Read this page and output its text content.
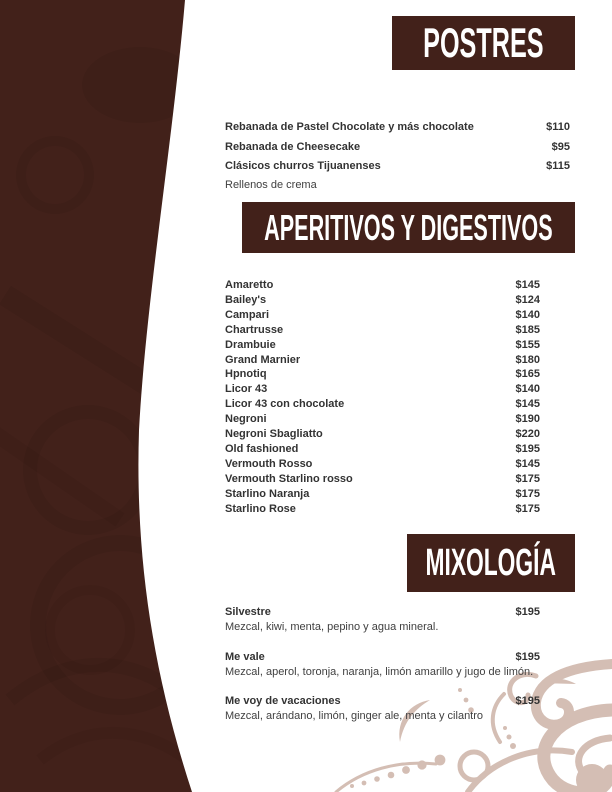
POSTRES
Rebanada de Pastel Chocolate y más chocolate	$110
Rebanada de Cheesecake	$95
Clásicos churros Tijuanenses	$115
Rellenos de crema
APERITIVOS Y DIGESTIVOS
Amaretto	$145
Bailey's	$124
Campari	$140
Chartrusse	$185
Drambuie	$155
Grand Marnier	$180
Hpnotiq	$165
Licor 43	$140
Licor 43 con chocolate	$145
Negroni	$190
Negroni Sbagliatto	$220
Old fashioned	$195
Vermouth Rosso	$145
Vermouth Starlino rosso	$175
Starlino Naranja	$175
Starlino Rose	$175
MIXOLOGÍA
Silvestre	$195
Mezcal, kiwi, menta, pepino y agua mineral.
Me vale	$195
Mezcal, aperol, toronja, naranja, limón amarillo y jugo de limón.
Me voy de vacaciones	$195
Mezcal, arándano, limón, ginger ale, menta y cilantro
